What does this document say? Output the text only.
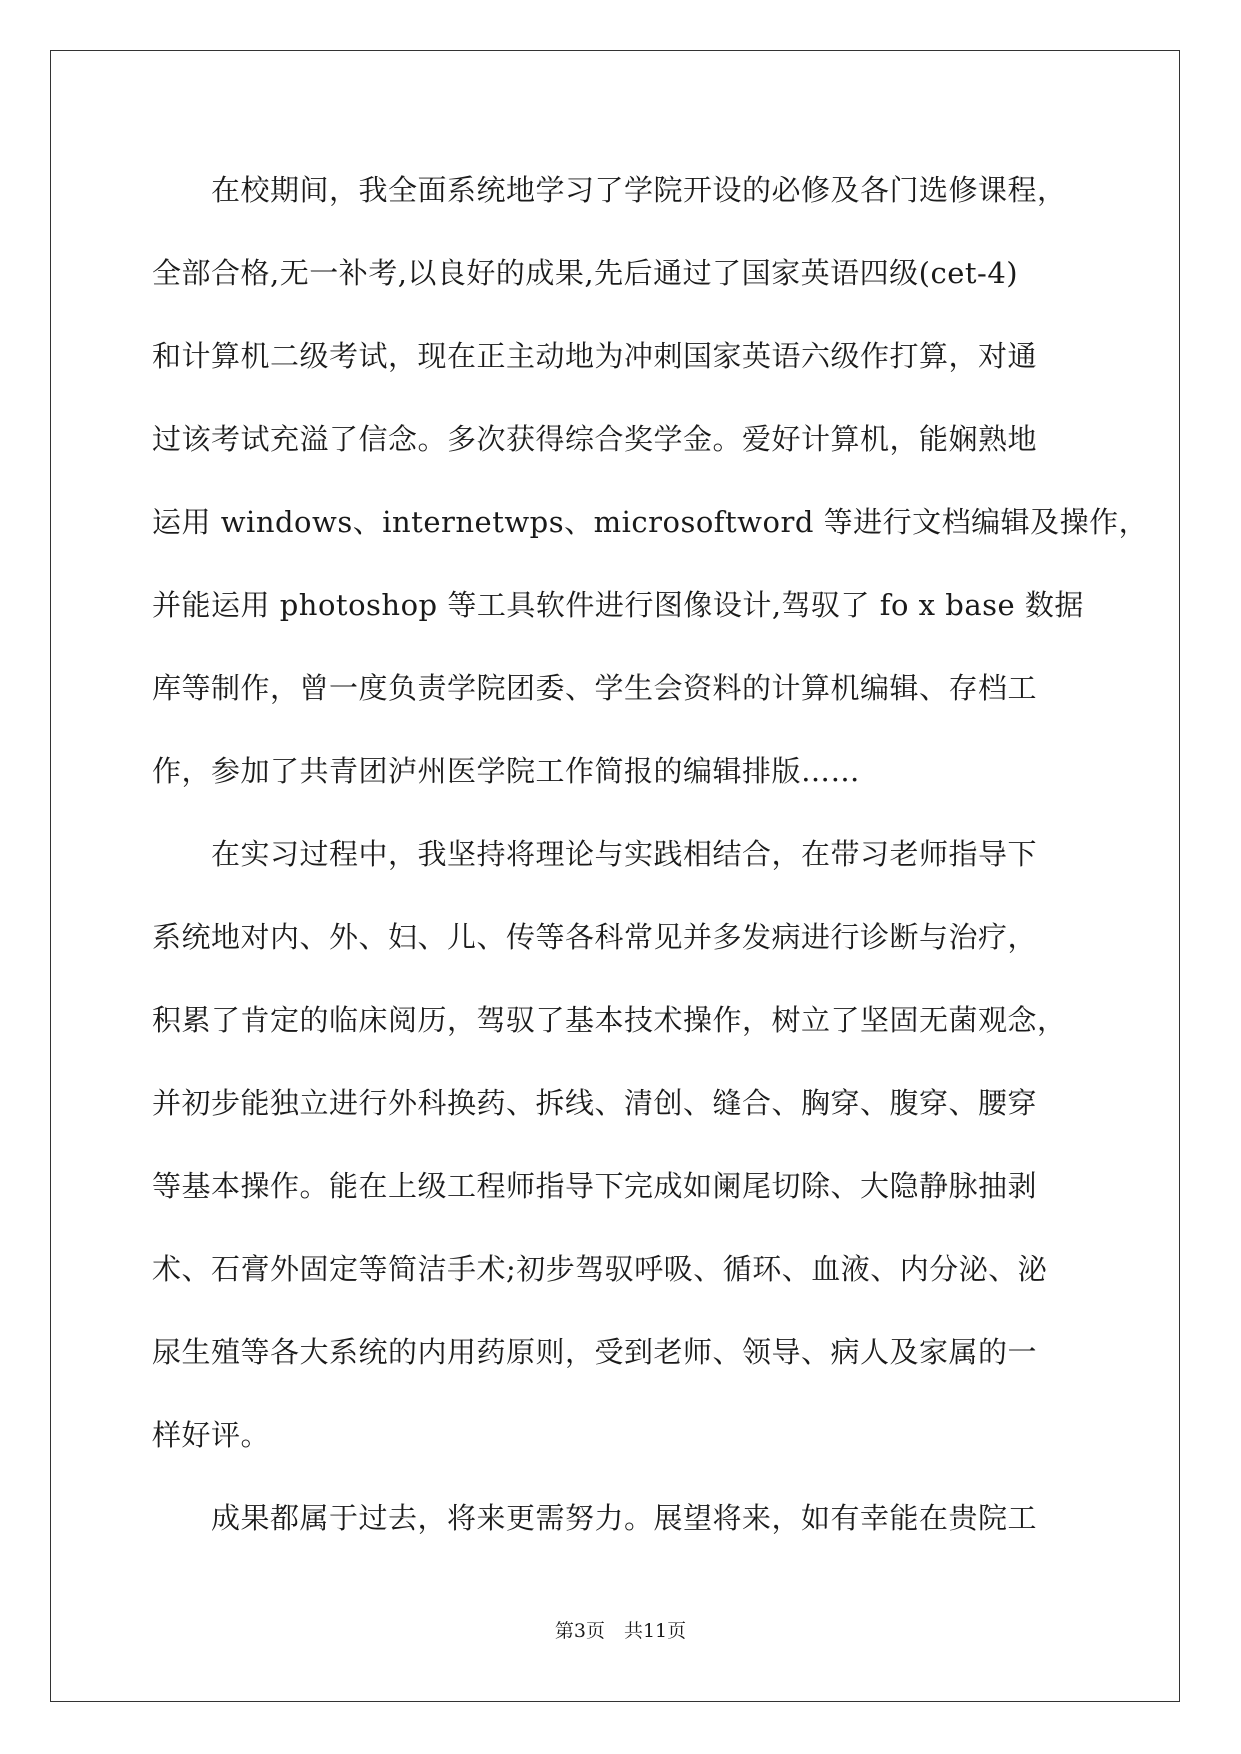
　　在校期间，我全面系统地学习了学院开设的必修及各门选修课程，
全部合格,无一补考,以良好的成果,先后通过了国家英语四级(cet-4)
和计算机二级考试，现在正主动地为冲刺国家英语六级作打算，对通
过该考试充溢了信念。多次获得综合奖学金。爱好计算机，能娴熟地
运用 windows、internetwps、microsoftword 等进行文档编辑及操作，
并能运用 photoshop 等工具软件进行图像设计,驾驭了 fo x base 数据
库等制作，曾一度负责学院团委、学生会资料的计算机编辑、存档工
作，参加了共青团泸州医学院工作简报的编辑排版……
　　在实习过程中，我坚持将理论与实践相结合，在带习老师指导下
系统地对内、外、妇、儿、传等各科常见并多发病进行诊断与治疗，
积累了肯定的临床阅历，驾驭了基本技术操作，树立了坚固无菌观念，
并初步能独立进行外科换药、拆线、清创、缝合、胸穿、腹穿、腰穿
等基本操作。能在上级工程师指导下完成如阑尾切除、大隐静脉抽剥
术、石膏外固定等简洁手术;初步驾驭呼吸、循环、血液、内分泌、泌
尿生殖等各大系统的内用药原则，受到老师、领导、病人及家属的一
样好评。
　　成果都属于过去，将来更需努力。展望将来，如有幸能在贵院工
第3页　共11页
